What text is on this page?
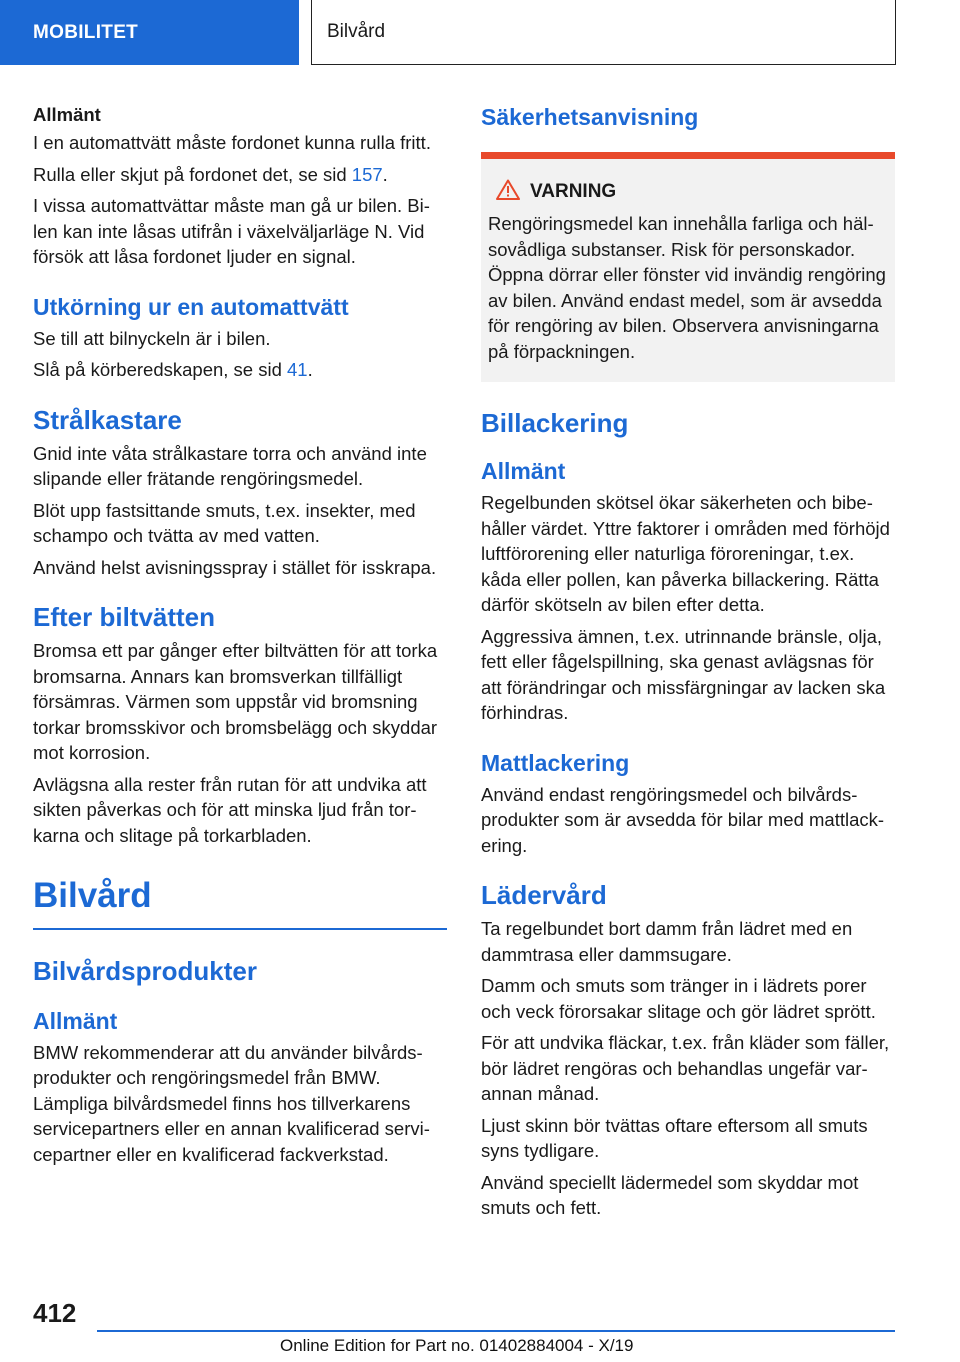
MOBILITET	Bilvård
Allmänt

I en automattvätt måste fordonet kunna rulla fritt.

Rulla eller skjut på fordonet det, se sid 157.

I vissa automattvättar måste man gå ur bilen. Bilen kan inte låsas utifrån i växelväljarläge N. Vid försök att låsa fordonet ljuder en signal.

Utkörning ur en automattvätt

Se till att bilnyckeln är i bilen.

Slå på körberedskapen, se sid 41.

Strålkastare

Gnid inte våta strålkastare torra och använd inte slipande eller frätande rengöringsmedel.

Blöt upp fastsittande smuts, t.ex. insekter, med schampo och tvätta av med vatten.

Använd helst avisningsspray i stället för isskrapa.

Efter biltvätten

Bromsa ett par gånger efter biltvätten för att torka bromsarna. Annars kan bromsverkan tillfälligt försämras. Värmen som uppstår vid bromsning torkar bromsskivor och bromsbelägg och skyddar mot korrosion.

Avlägsna alla rester från rutan för att undvika att sikten påverkas och för att minska ljud från torkarna och slitage på torkarbladen.

Bilvård
Bilvårdsprodukter
Allmänt

BMW rekommenderar att du använder bilvårdsprodukter och rengöringsmedel från BMW. Lämpliga bilvårdsmedel finns hos tillverkarens servicepartners eller en annan kvalificerad servicepartner eller en kvalificerad fackverkstad.

Säkerhetsanvisning
VARNING

Rengöringsmedel kan innehålla farliga och hälsovådliga substanser. Risk för personskador. Öppna dörrar eller fönster vid invändig rengöring av bilen. Använd endast medel, som är avsedda för rengöring av bilen. Observera anvisningarna på förpackningen.

Billackering
Allmänt

Regelbunden skötsel ökar säkerheten och bibehåller värdet. Yttre faktorer i områden med förhöjd luftförorening eller naturliga föroreningar, t.ex. kåda eller pollen, kan påverka billackering. Rätta därför skötseln av bilen efter detta.

Aggressiva ämnen, t.ex. utrinnande bränsle, olja, fett eller fågelspillning, ska genast avlägsnas för att förändringar och missfärgningar av lacken ska förhindras.

Mattlackering

Använd endast rengöringsmedel och bilvårdsprodukter som är avsedda för bilar med mattlackering.

Lädervård

Ta regelbundet bort damm från lädret med en dammtrasa eller dammsugare.

Damm och smuts som tränger in i lädrets porer och veck förorsakar slitage och gör lädret sprött.

För att undvika fläckar, t.ex. från kläder som fäller, bör lädret rengöras och behandlas ungefär varannan månad.

Ljust skinn bör tvättas oftare eftersom all smuts syns tydligare.

Använd speciellt lädermedel som skyddar mot smuts och fett.

412
Online Edition for Part no. 01402884004 - X/19
